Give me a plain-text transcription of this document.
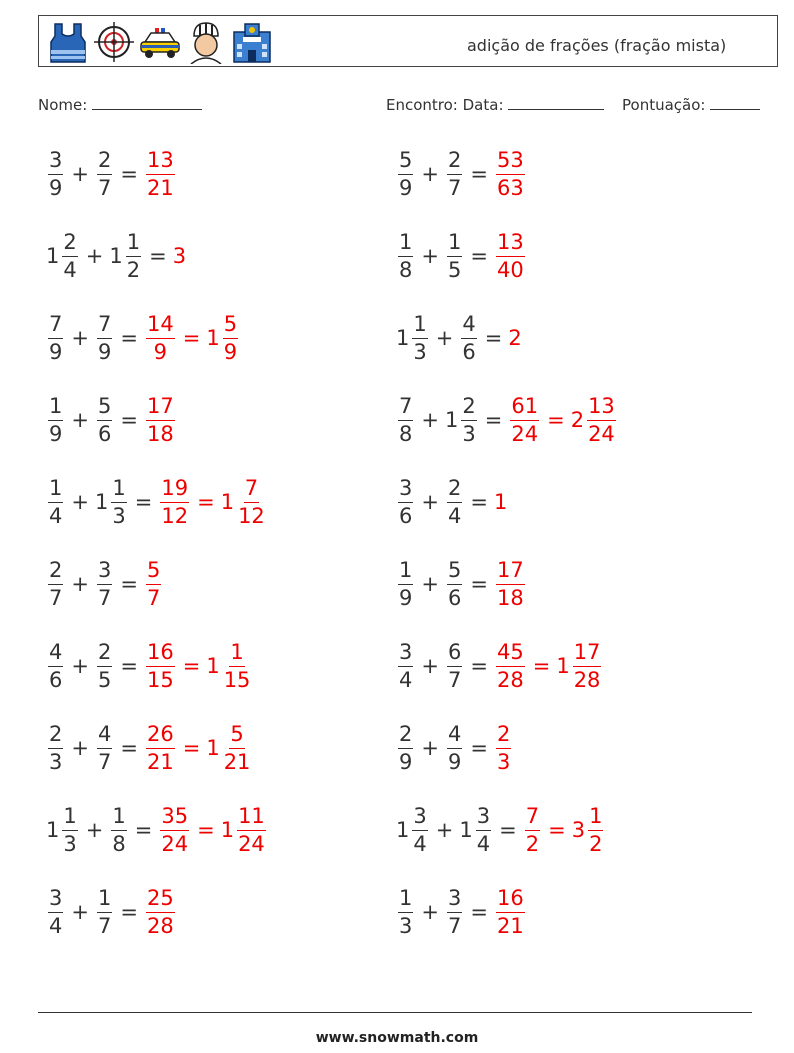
adição de frações (fração mista)
Nome:	Encontro: Data:	Pontuação:
$\frac{3}{9} + \frac{2}{7} = \frac{13}{21}$	$\frac{5}{9} + \frac{2}{7} = \frac{53}{63}$
$1 \frac{2}{4} + 1 \frac{1}{2} = 3$	$\frac{1}{8} + \frac{1}{5} = \frac{13}{40}$
$\frac{7}{9} + \frac{7}{9} = \frac{14}{9} = 1 \frac{5}{9}$	$1 \frac{1}{3} + \frac{4}{6} = 2$
$\frac{1}{9} + \frac{5}{6} = \frac{17}{18}$	$\frac{7}{8} + 1 \frac{2}{3} = \frac{61}{24} = 2 \frac{13}{24}$
$\frac{1}{4} + 1 \frac{1}{3} = \frac{19}{12} = 1 \frac{7}{12}$	$\frac{3}{6} + \frac{2}{4} = 1$
$\frac{2}{7} + \frac{3}{7} = \frac{5}{7}$	$\frac{1}{9} + \frac{5}{6} = \frac{17}{18}$
$\frac{4}{6} + \frac{2}{5} = \frac{16}{15} = 1 \frac{1}{15}$	$\frac{3}{4} + \frac{6}{7} = \frac{45}{28} = 1 \frac{17}{28}$
$\frac{2}{3} + \frac{4}{7} = \frac{26}{21} = 1 \frac{5}{21}$	$\frac{2}{9} + \frac{4}{9} = \frac{2}{3}$
$1 \frac{1}{3} + \frac{1}{8} = \frac{35}{24} = 1 \frac{11}{24}$	$1 \frac{3}{4} + 1 \frac{3}{4} = \frac{7}{2} = 3 \frac{1}{2}$
$\frac{3}{4} + \frac{1}{7} = \frac{25}{28}$	$\frac{1}{3} + \frac{3}{7} = \frac{16}{21}$
www.snowmath.com
